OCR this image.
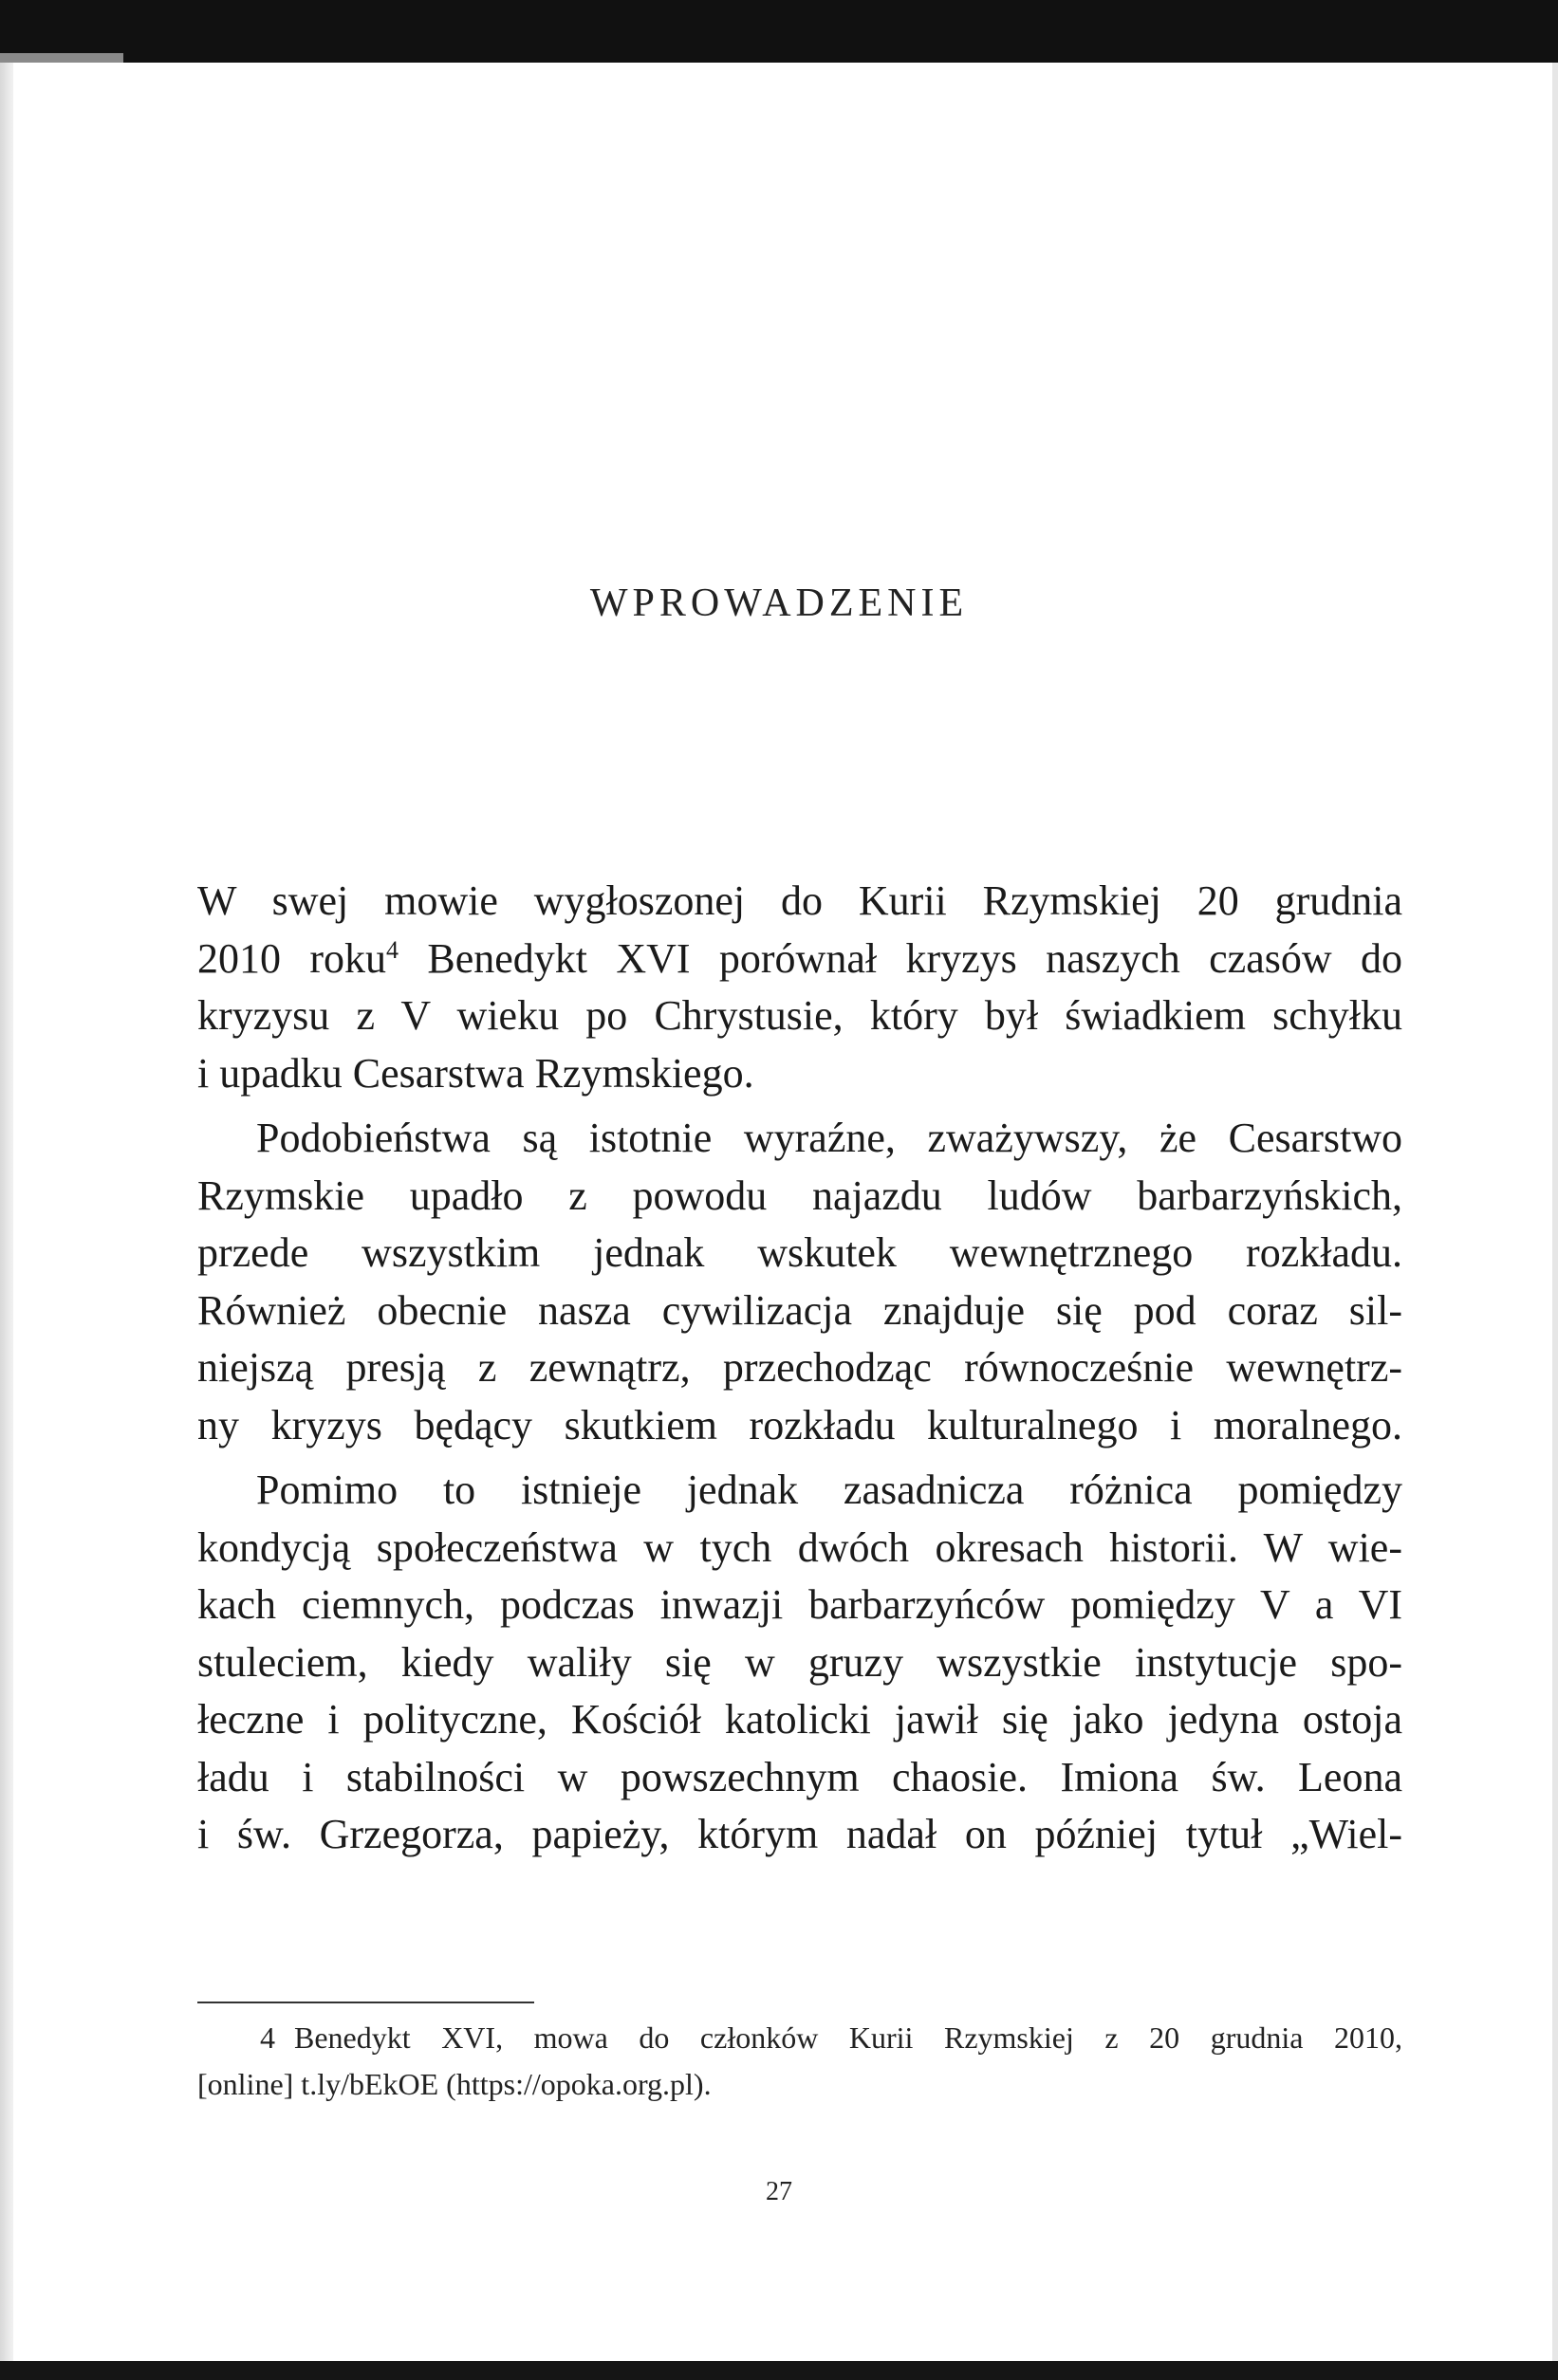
WPROWADZENIE
W swej mowie wygłoszonej do Kurii Rzymskiej 20 grudnia
2010 roku$^4$ Benedykt XVI porównał kryzys naszych czasów do
kryzysu z V wieku po Chrystusie, który był świadkiem schyłku
i upadku Cesarstwa Rzymskiego.
Podobieństwa są istotnie wyraźne, zważywszy, że Cesarstwo
Rzymskie upadło z powodu najazdu ludów barbarzyńskich,
przede wszystkim jednak wskutek wewnętrznego rozkładu.
Również obecnie nasza cywilizacja znajduje się pod coraz sil-
niejszą presją z zewnątrz, przechodząc równocześnie wewnętrz-
ny kryzys będący skutkiem rozkładu kulturalnego i moralnego.
Pomimo to istnieje jednak zasadnicza różnica pomiędzy
kondycją społeczeństwa w tych dwóch okresach historii. W wie-
kach ciemnych, podczas inwazji barbarzyńców pomiędzy V a VI
stuleciem, kiedy waliły się w gruzy wszystkie instytucje spo-
łeczne i polityczne, Kościół katolicki jawił się jako jedyna ostoja
ładu i stabilności w powszechnym chaosie. Imiona św. Leona
i św. Grzegorza, papieży, którym nadał on później tytuł „Wiel-
4 Benedykt XVI, mowa do członków Kurii Rzymskiej z 20 grudnia 2010,
[online] t.ly/bEkOE (https://opoka.org.pl).
27
